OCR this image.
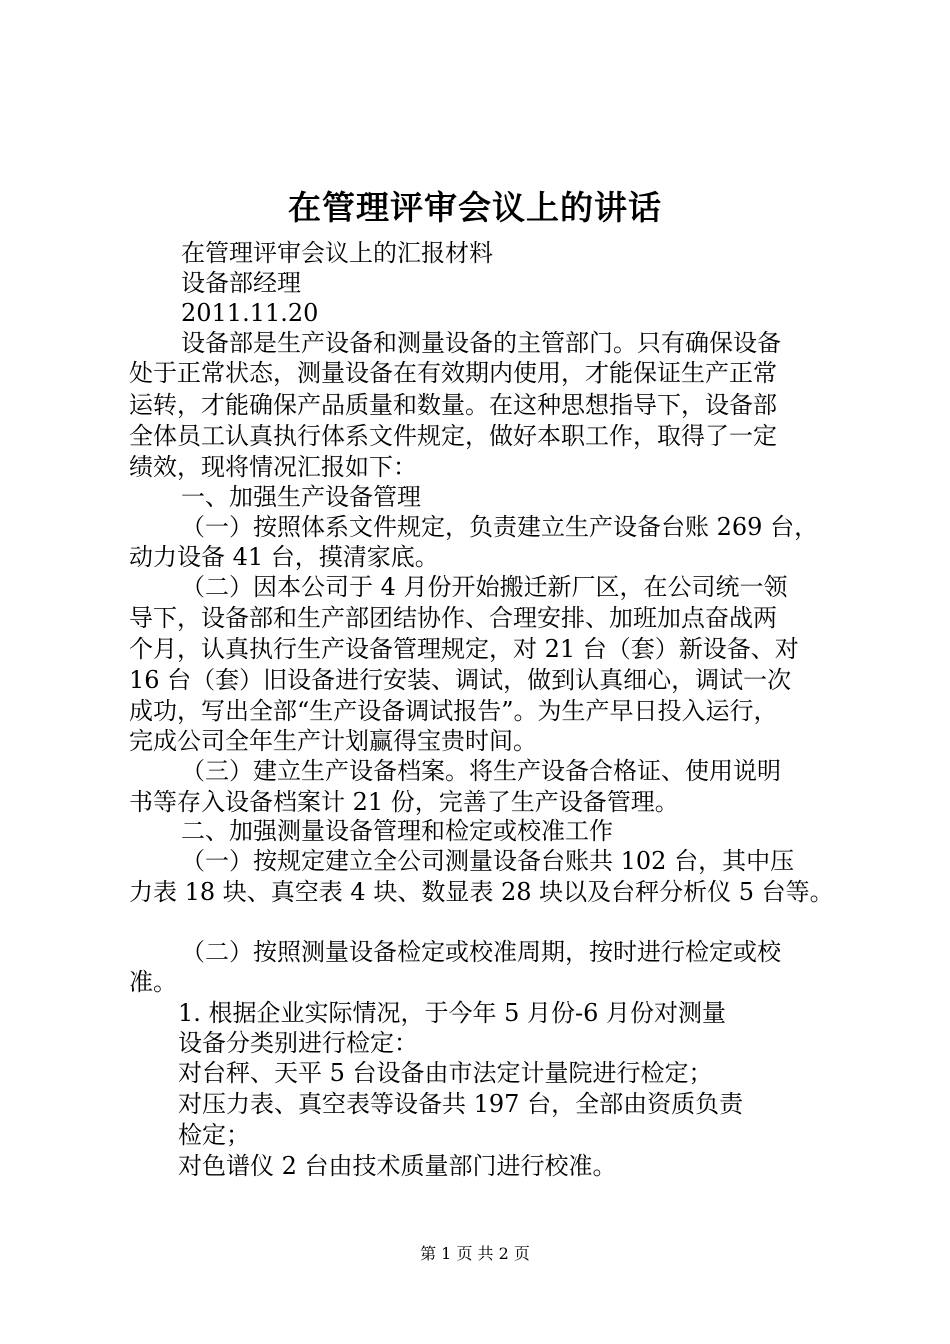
在管理评审会议上的讲话
在管理评审会议上的汇报材料
设备部经理
2011.11.20
设备部是生产设备和测量设备的主管部门。只有确保设备
处于正常状态，测量设备在有效期内使用，才能保证生产正常
运转，才能确保产品质量和数量。在这种思想指导下，设备部
全体员工认真执行体系文件规定，做好本职工作，取得了一定
绩效，现将情况汇报如下：
一、加强生产设备管理
（一）按照体系文件规定，负责建立生产设备台账 269 台，
动力设备 41 台，摸清家底。
（二）因本公司于 4 月份开始搬迁新厂区，在公司统一领
导下，设备部和生产部团结协作、合理安排、加班加点奋战两
个月，认真执行生产设备管理规定，对 21 台（套）新设备、对
16 台（套）旧设备进行安装、调试，做到认真细心，调试一次
成功，写出全部“生产设备调试报告”。为生产早日投入运行，
完成公司全年生产计划赢得宝贵时间。
（三）建立生产设备档案。将生产设备合格证、使用说明
书等存入设备档案计 21 份，完善了生产设备管理。
二、加强测量设备管理和检定或校准工作
（一）按规定建立全公司测量设备台账共 102 台，其中压
力表 18 块、真空表 4 块、数显表 28 块以及台秤分析仪 5 台等。
（二）按照测量设备检定或校准周期，按时进行检定或校
准。
1. 根据企业实际情况，于今年 5 月份-6 月份对测量
设备分类别进行检定：
对台秤、天平 5 台设备由市法定计量院进行检定；
对压力表、真空表等设备共 197 台，全部由资质负责
检定；
对色谱仪 2 台由技术质量部门进行校准。
第 1 页 共 2 页
